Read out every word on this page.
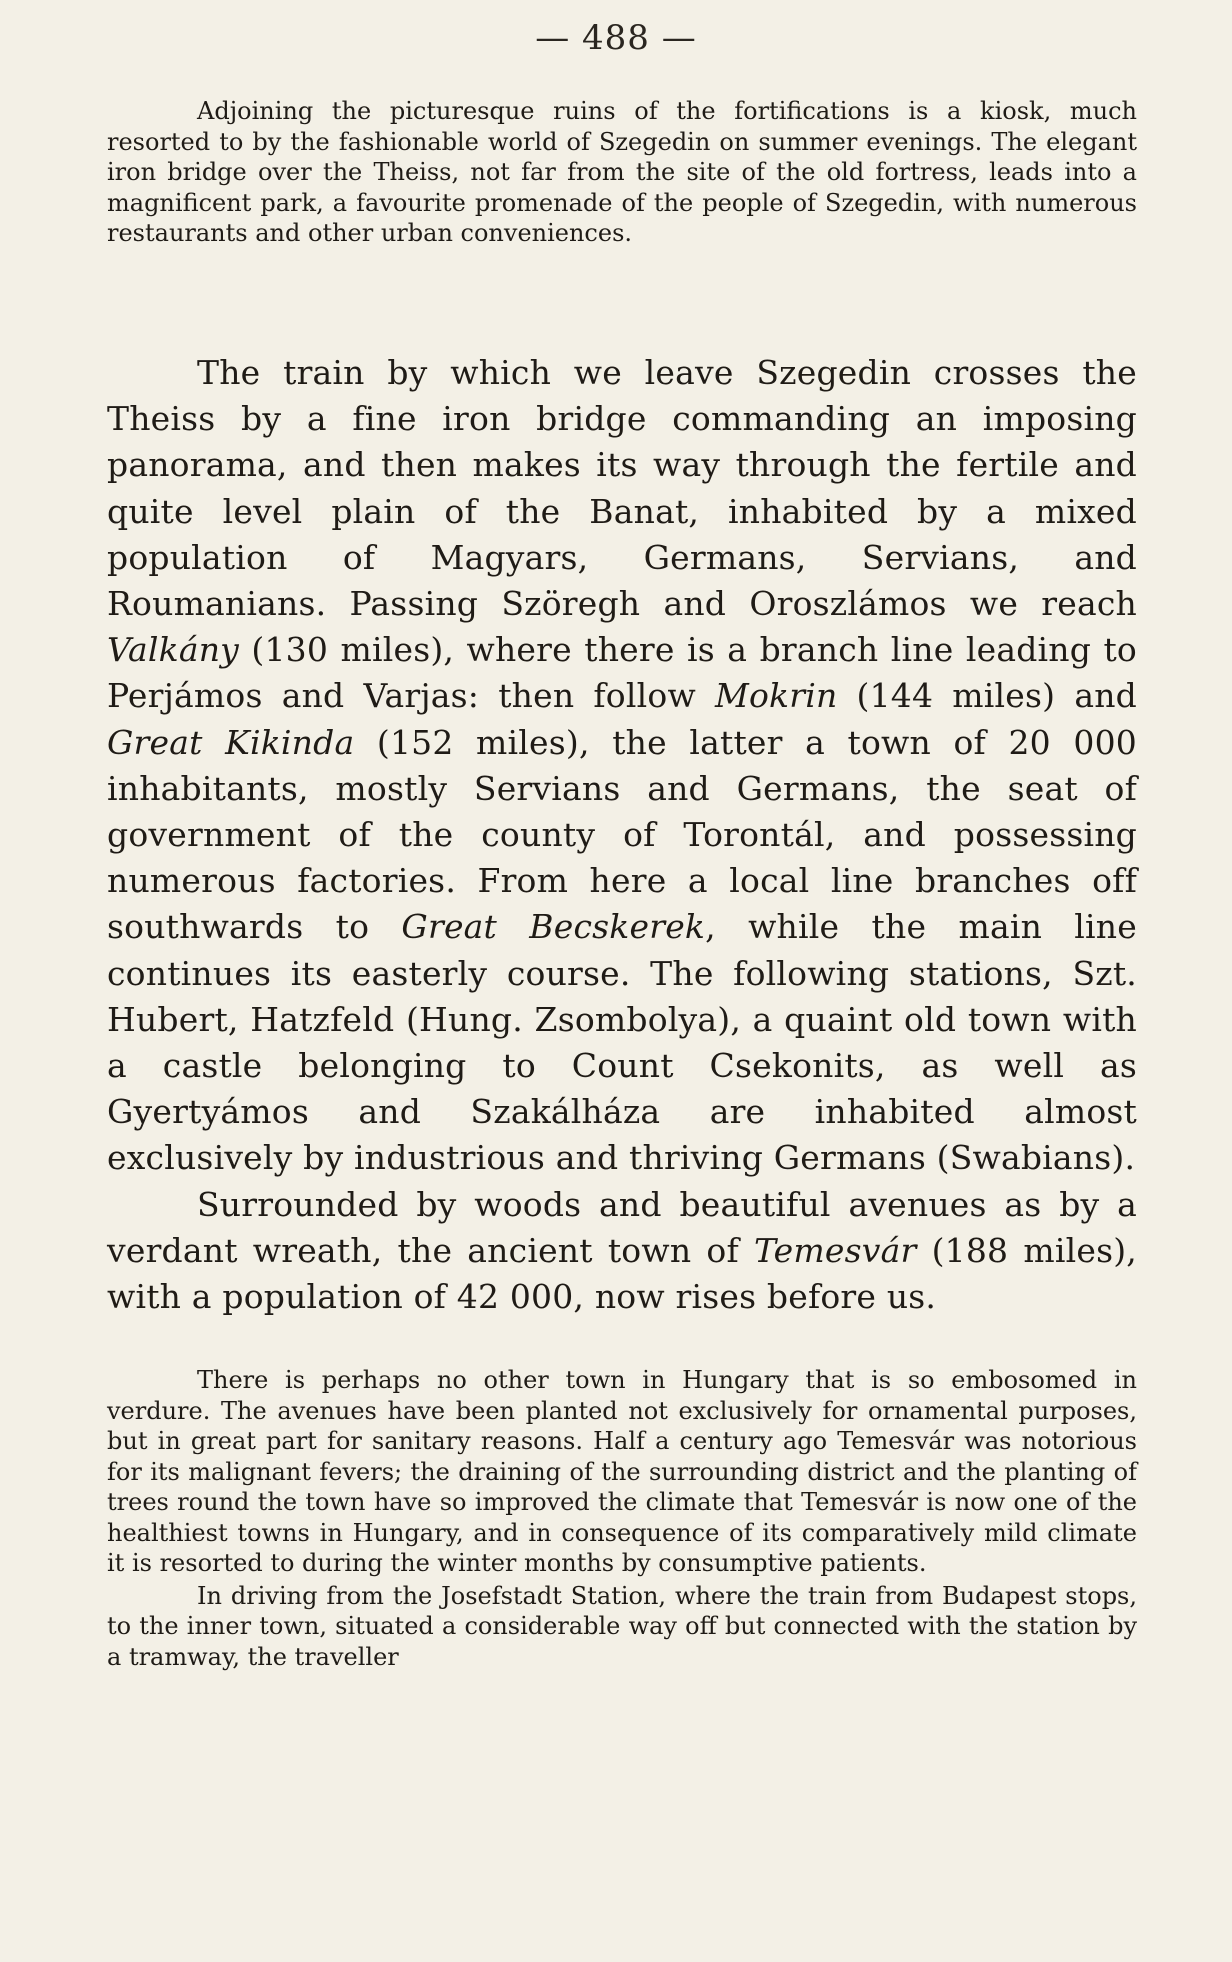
— 488 —

Adjoining the picturesque ruins of the fortifications is a kiosk, much resorted to by the fashionable world of Szegedin on summer evenings. The elegant iron bridge over the Theiss, not far from the site of the old fortress, leads into a magnificent park, a favourite promenade of the people of Szegedin, with numerous restaurants and other urban conveniences.

The train by which we leave Szegedin crosses the Theiss by a fine iron bridge commanding an imposing panorama, and then makes its way through the fertile and quite level plain of the Banat, inhabited by a mixed population of Magyars, Germans, Servians, and Roumanians. Passing Szöregh and Oroszlámos we reach Valkány (130 miles), where there is a branch line leading to Perjámos and Varjas: then follow Mokrin (144 miles) and Great Kikinda (152 miles), the latter a town of 20 000 inhabitants, mostly Servians and Germans, the seat of government of the county of Torontál, and possessing numerous factories. From here a local line branches off southwards to Great Becskerek, while the main line continues its easterly course. The following stations, Szt. Hubert, Hatzfeld (Hung. Zsombolya), a quaint old town with a castle belonging to Count Csekonits, as well as Gyertyámos and Szakálháza are inhabited almost exclusively by industrious and thriving Germans (Swabians).

Surrounded by woods and beautiful avenues as by a verdant wreath, the ancient town of Temesvár (188 miles), with a population of 42 000, now rises before us.

There is perhaps no other town in Hungary that is so embosomed in verdure. The avenues have been planted not exclusively for ornamental purposes, but in great part for sanitary reasons. Half a century ago Temesvár was notorious for its malignant fevers; the draining of the surrounding district and the planting of trees round the town have so improved the climate that Temesvár is now one of the healthiest towns in Hungary, and in consequence of its comparatively mild climate it is resorted to during the winter months by consumptive patients.

In driving from the Josefstadt Station, where the train from Budapest stops, to the inner town, situated a considerable way off but connected with the station by a tramway, the traveller
